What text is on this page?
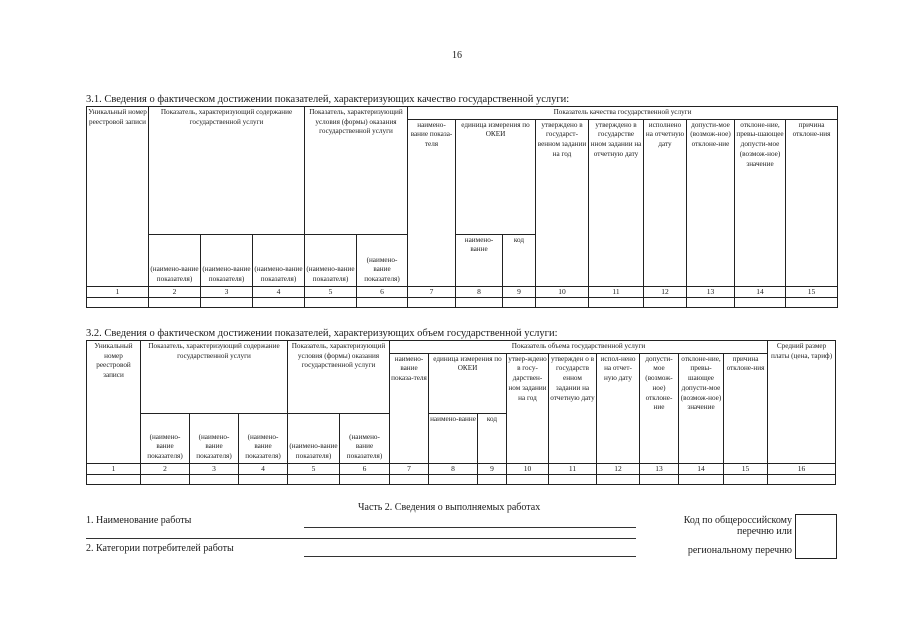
16
3.1. Сведения о фактическом достижении показателей, характеризующих качество государственной услуги:
Уникальный номер реестровой записи	Показатель, характеризующий содержание государственной услуги			Показатель, характеризующий условия (формы) оказания государственной услуги		Показатель качества государственной услуги								
						наимено-вание показа-теля	единица измерения по ОКЕИ		утверждено в государст-венном задании на год	утверждено в государстве нном задании на отчетную дату	исполнено на отчетную дату	допусти-мое (возмож-ное) отклоне-ние	отклоне-ние, превы-шающее допусти-мое (возмож-ное) значение	причина отклоне-ния
	(наимено-вание показателя)	(наимено-вание показателя)	(наимено-вание показателя)	(наимено-вание показателя)	(наимено-вание показателя)		наимено-ванне	код						
1	2	3	4	5	6	7	8	9	10	11	12	13	14	15

3.2. Сведения о фактическом достижении показателей, характеризующих объем государственной услуги:
Уникальный номер реестровой записи	Показатель, характеризующий содержание государственной услуги			Показатель, характеризующий условия (формы) оказания государственной услуги		Показатель объема государственной услуги									Средний размер платы (цена, тариф)
						наимено-вание показа-теля	единица измерения по ОКЕИ		утвер-ждено в госу-дарствен-ном задании на год	утвержден о в государств енном задании на отчетную дату	испол-нено на отчет-ную дату	допусти-мое (возмож-ное) отклоне-ние	отклоне-ние, превы-шающее допусти-мое (возмож-ное) значение	причина отклоне-ния	
	(наимено-вание показателя)	(наимено-вание показателя)	(наимено-вание показателя)	(наимено-вание показателя)	(наимено-вание показателя)		наимено-ванне	код							
1	2	3	4	5	6	7	8	9	10	11	12	13	14	15	16

Часть 2. Сведения о выполняемых работах
1. Наименование работы
2. Категории потребителей работы
Код по общероссийскому
перечню или
региональному перечню
